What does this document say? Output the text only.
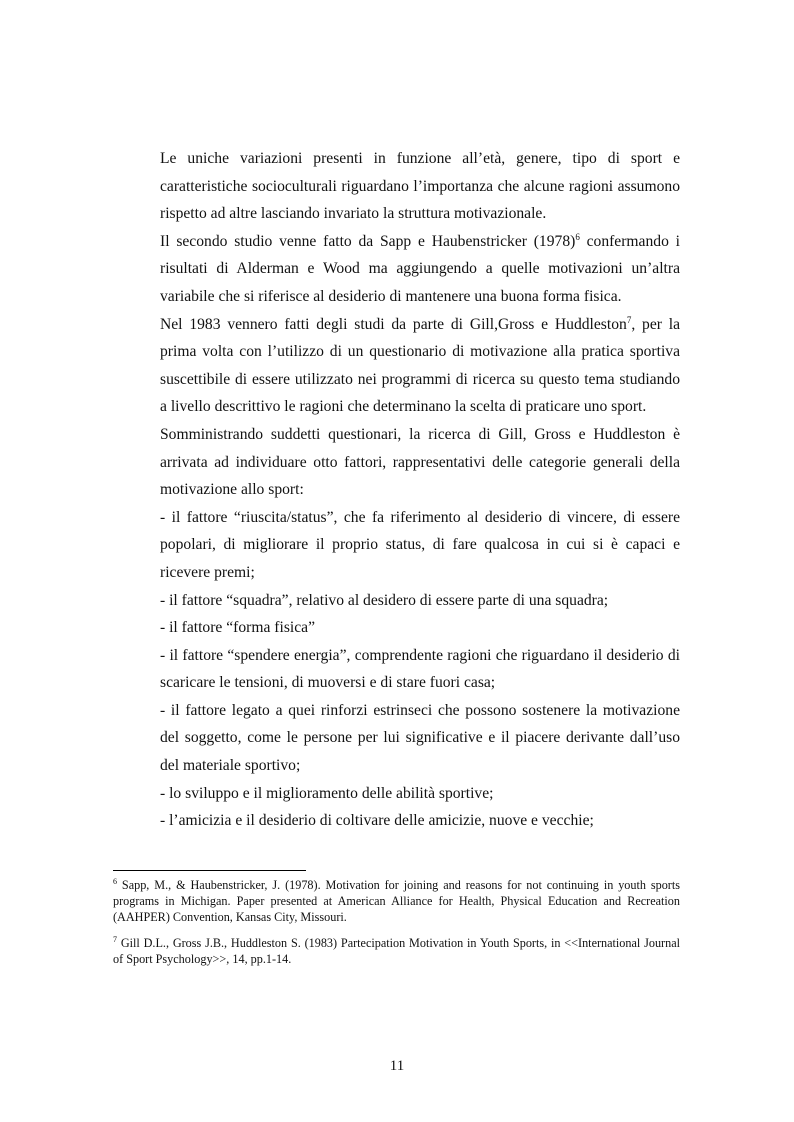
Le uniche variazioni presenti in funzione all’età, genere, tipo di sport e caratteristiche socioculturali riguardano l’importanza che alcune ragioni assumono rispetto ad altre lasciando invariato la struttura motivazionale.

Il secondo studio venne fatto da Sapp e Haubenstricker $(1978)^6$ confermando i risultati di Alderman e Wood ma aggiungendo a quelle motivazioni un’altra variabile che si riferisce al desiderio di mantenere una buona forma fisica.

Nel 1983 vennero fatti degli studi da parte di Gill,Gross e Huddleston$^7$, per la prima volta con l’utilizzo di un questionario di motivazione alla pratica sportiva suscettibile di essere utilizzato nei programmi di ricerca su questo tema studiando a livello descrittivo le ragioni che determinano la scelta di praticare uno sport.

Somministrando suddetti questionari, la ricerca di Gill, Gross e Huddleston è arrivata ad individuare otto fattori, rappresentativi delle categorie generali della motivazione allo sport:

- il fattore “riuscita/status”, che fa riferimento al desiderio di vincere, di essere popolari, di migliorare il proprio status, di fare qualcosa in cui si è capaci e ricevere premi;

- il fattore “squadra”, relativo al desidero di essere parte di una squadra;

- il fattore “forma fisica”

- il fattore “spendere energia”, comprendente ragioni che riguardano il desiderio di scaricare le tensioni, di muoversi e di stare fuori casa;

- il fattore legato a quei rinforzi estrinseci che possono sostenere la motivazione del soggetto, come le persone per lui significative e il piacere derivante dall’uso del materiale sportivo;

- lo sviluppo e il miglioramento delle abilità sportive;

- l’amicizia e il desiderio di coltivare delle amicizie, nuove e vecchie;

$^6$ Sapp, M., & Haubenstricker, J. (1978). Motivation for joining and reasons for not continuing in youth sports programs in Michigan. Paper presented at American Alliance for Health, Physical Education and Recreation (AAHPER) Convention, Kansas City, Missouri.

$^7$ Gill D.L., Gross J.B., Huddleston S. (1983) Partecipation Motivation in Youth Sports, in <<International Journal of Sport Psychology>>, 14, pp.1-14.

11
